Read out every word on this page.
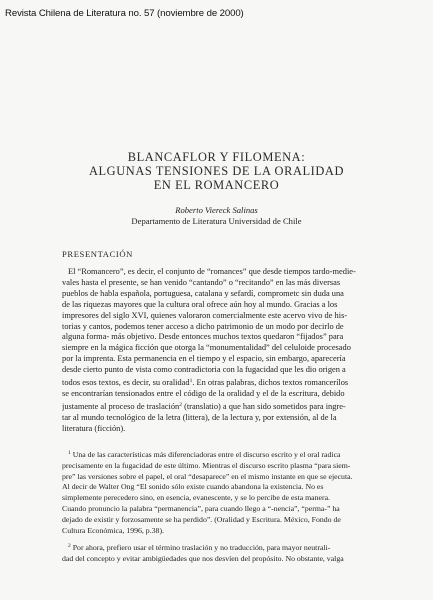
Revista Chilena de Literatura no. 57 (noviembre de 2000)
BLANCAFLOR Y FILOMENA:
ALGUNAS TENSIONES DE LA ORALIDAD
EN EL ROMANCERO
Roberto Viereck Salinas
Departamento de Literatura Universidad de Chile
PRESENTACIÓN
El “Romancero”, es decir, el conjunto de “romances” que desde tiempos tardo-medie-
vales hasta el presente, se han venido “cantando” o “recitando” en las más diversas
pueblos de habla española, portuguesa, catalana y sefardí, comprometc sin duda una
de las riquezas mayores que la cultura oral ofrece aún hoy al mundo. Gracias a los
impresores del siglo XVI, quienes valoraron comercialmente este acervo vivo de his-
torias y cantos, podemos tener acceso a dicho patrimonio de un modo por decirlo de
alguna forma- más objetivo. Desde entonces muchos textos quedaron “fijados” para
siempre en la mágica ficción que otorga la “monumentalidad” del celuloide procesado
por la imprenta. Esta permanencia en el tiempo y el espacio, sin embargo, aparecería
desde cierto punto de vista como contradictoria con la fugacidad que les dio origen a
todos esos textos, es decir, su oralidad$^1$. En otras palabras, dichos textos romancerílos
se encontrarían tensionados entre el código de la oralidad y el de la escritura, debido
justamente al proceso de traslación$^2$ (translatio) a que han sido sometidos para ingre-
tar al mundo tecnológico de la letra (littera), de la lectura y, por extensión, al de la
literatura (ficción).
$^1$ Una de las características más diferenciadoras entre el discurso escrito y el oral radica
precisamente en la fugacidad de este último. Mientras el discurso escrito plasma “para siem-
pre” las versiones sobre el papel, el oral “desaparece” en el mismo instante en que se ejecuta.
Al decir de Walter Ong “El sonido sólo existe cuando abandona la existencia. No es
simplemente perecedero sino, en esencia, evanescente, y se lo percibe de esta manera.
Cuando pronuncio la palabra “permanencia”, para cuando llego a “-nencia”, “perma-” ha
dejado de existir y forzosamente se ha perdido”. (Oralidad y Escritura. México, Fondo de
Cultura Económica, 1996, p.38).
$^2$ Por ahora, prefiero usar el término traslación y no traducción, para mayor neutrali-
dad del concepto y evitar ambigüedades que nos desvíen del propósito. No obstante, valga
